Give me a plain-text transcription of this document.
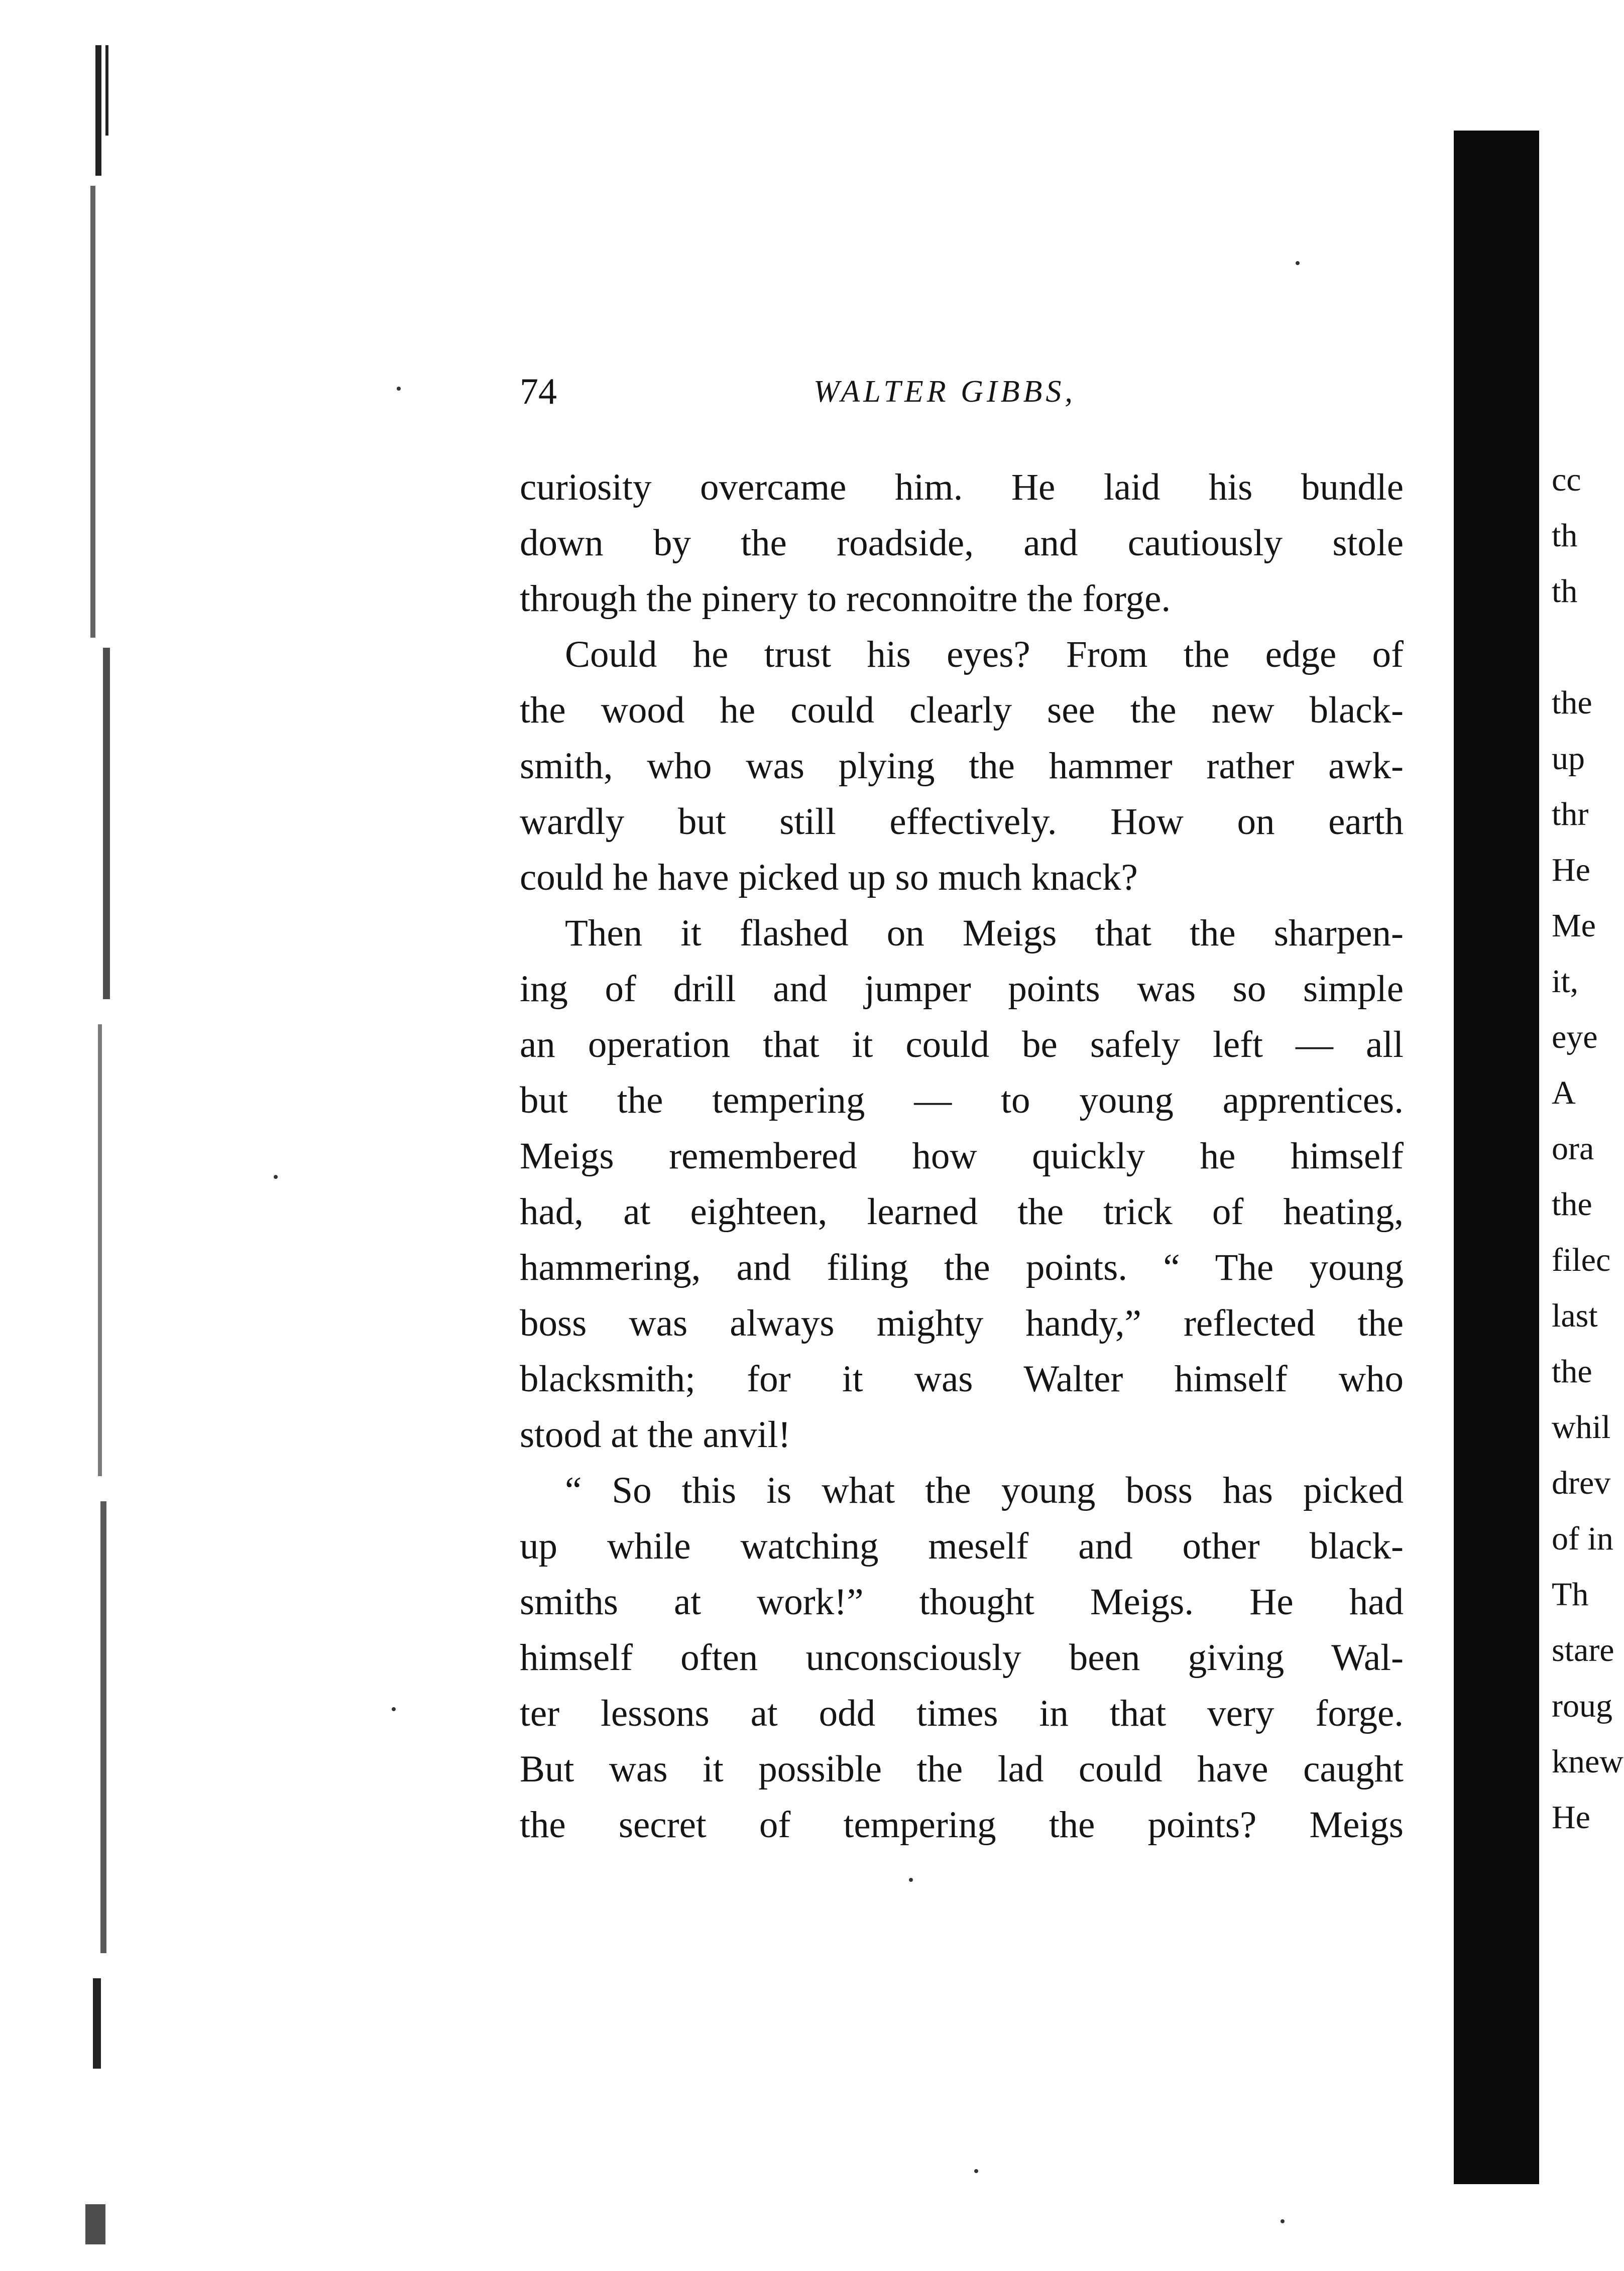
74	WALTER GIBBS,

curiosity overcame him. He laid his bundle
down by the roadside, and cautiously stole
through the pinery to reconnoitre the forge.

Could he trust his eyes? From the edge of
the wood he could clearly see the new black-
smith, who was plying the hammer rather awk-
wardly but still effectively. How on earth
could he have picked up so much knack?

Then it flashed on Meigs that the sharpen-
ing of drill and jumper points was so simple
an operation that it could be safely left — all
but the tempering — to young apprentices.
Meigs remembered how quickly he himself
had, at eighteen, learned the trick of heating,
hammering, and filing the points. “ The young
boss was always mighty handy,” reflected the
blacksmith; for it was Walter himself who
stood at the anvil!

“ So this is what the young boss has picked
up while watching meself and other black-
smiths at work!” thought Meigs. He had
himself often unconsciously been giving Wal-
ter lessons at odd times in that very forge.
But was it possible the lad could have caught
the secret of tempering the points? Meigs

cc
th
th
the
up
thr
He
Me
it,
eye
A
ora
the
filec
last
the
whil
drev
of in
Th
stare
roug
knew
He
